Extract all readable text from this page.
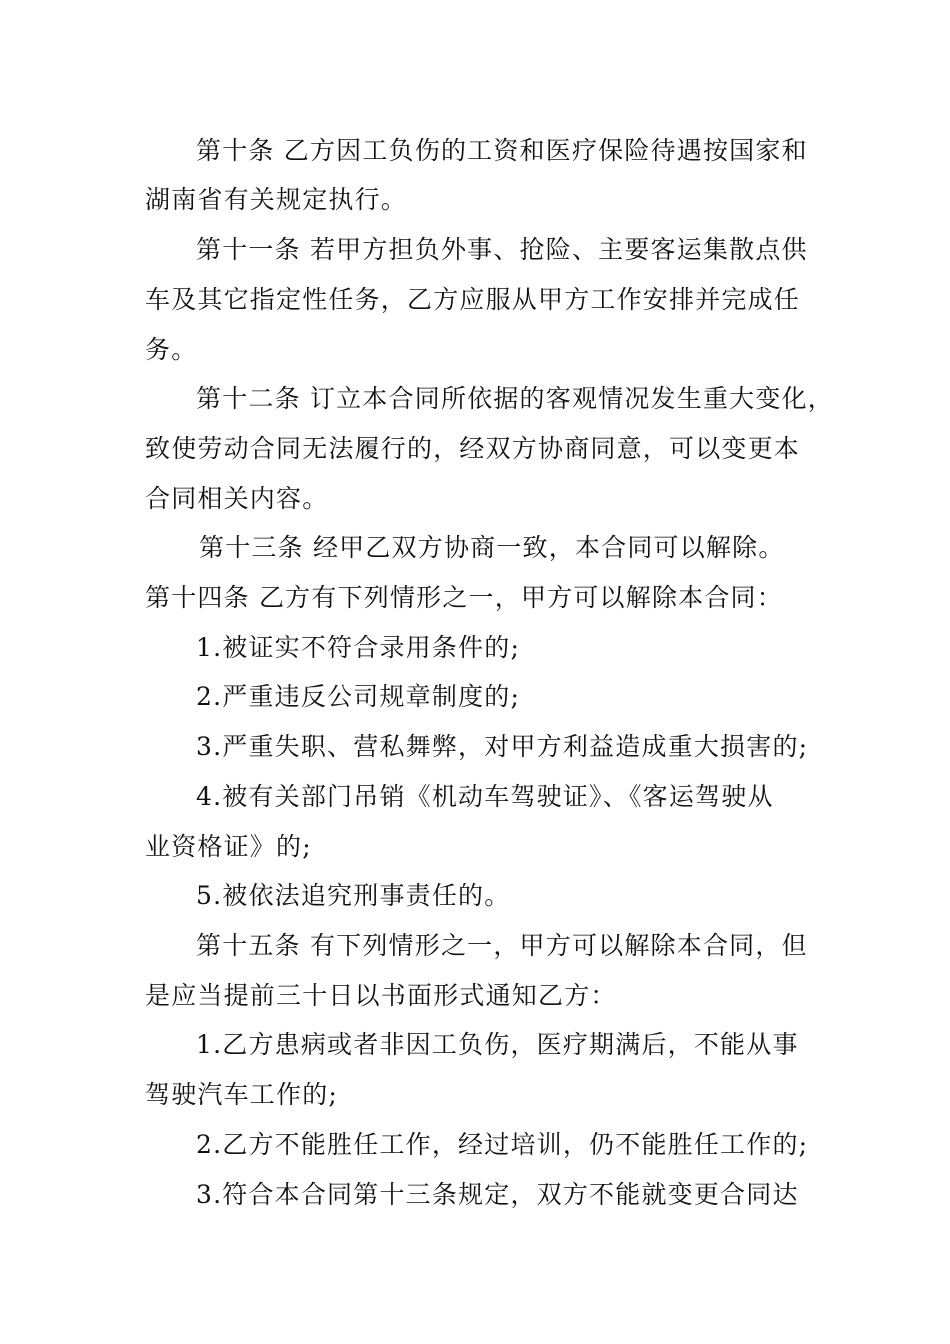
第十条 乙方因工负伤的工资和医疗保险待遇按国家和
湖南省有关规定执行。
第十一条 若甲方担负外事、抢险、主要客运集散点供
车及其它指定性任务，乙方应服从甲方工作安排并完成任
务。
第十二条 订立本合同所依据的客观情况发生重大变化，
致使劳动合同无法履行的，经双方协商同意，可以变更本
合同相关内容。
第十三条 经甲乙双方协商一致，本合同可以解除。
第十四条 乙方有下列情形之一，甲方可以解除本合同：
1.被证实不符合录用条件的;
2.严重违反公司规章制度的;
3.严重失职、营私舞弊，对甲方利益造成重大损害的;
4.被有关部门吊销《机动车驾驶证》、《客运驾驶从
业资格证》的;
5.被依法追究刑事责任的。
第十五条 有下列情形之一，甲方可以解除本合同，但
是应当提前三十日以书面形式通知乙方：
1.乙方患病或者非因工负伤，医疗期满后，不能从事
驾驶汽车工作的;
2.乙方不能胜任工作，经过培训，仍不能胜任工作的;
3.符合本合同第十三条规定，双方不能就变更合同达
